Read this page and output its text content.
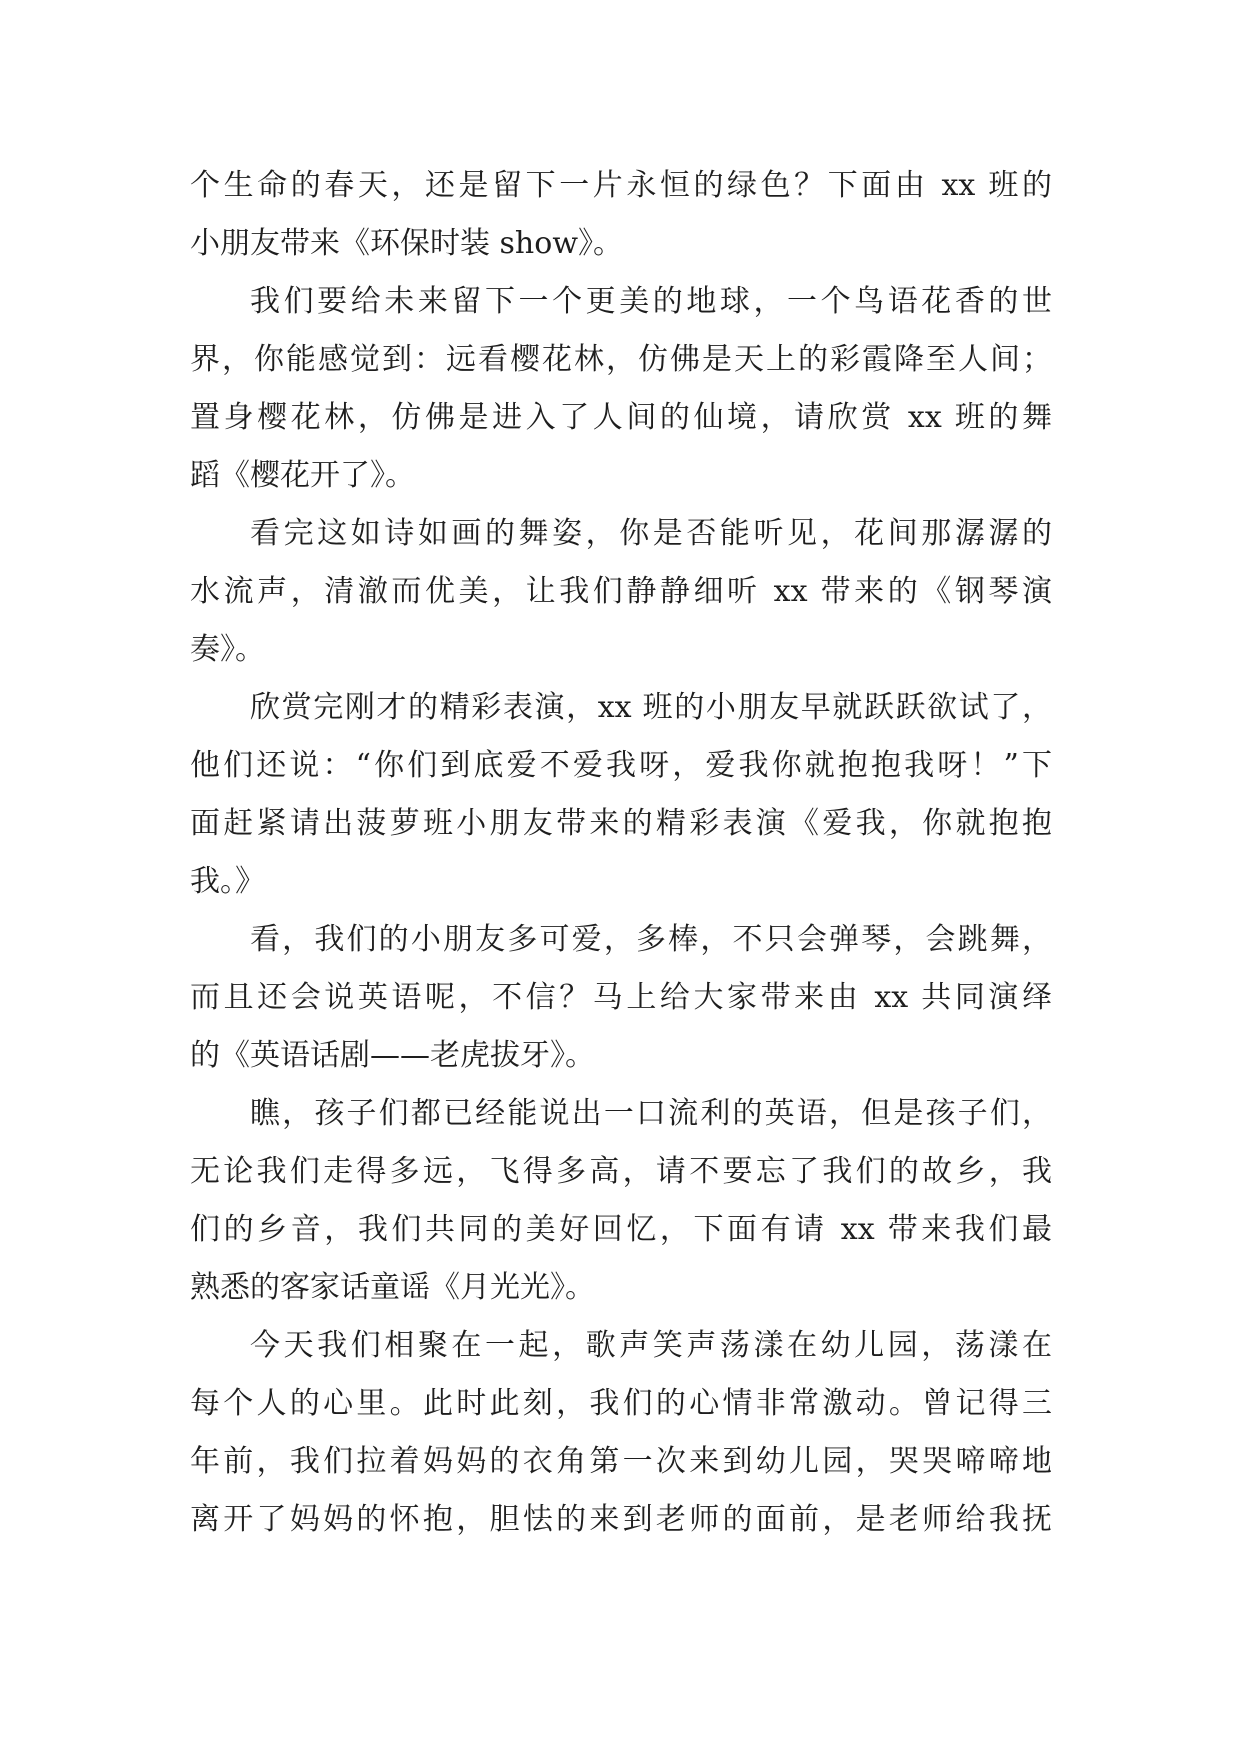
个生命的春天，还是留下一片永恒的绿色？下面由 xx 班的
小朋友带来《环保时装 show》。
我们要给未来留下一个更美的地球，一个鸟语花香的世
界，你能感觉到：远看樱花林，仿佛是天上的彩霞降至人间；
置身樱花林，仿佛是进入了人间的仙境，请欣赏 xx 班的舞
蹈《樱花开了》。
看完这如诗如画的舞姿，你是否能听见，花间那潺潺的
水流声，清澈而优美，让我们静静细听 xx 带来的《钢琴演
奏》。
欣赏完刚才的精彩表演，xx 班的小朋友早就跃跃欲试了，
他们还说：“你们到底爱不爱我呀，爱我你就抱抱我呀！”下
面赶紧请出菠萝班小朋友带来的精彩表演《爱我，你就抱抱
我。》
看，我们的小朋友多可爱，多棒，不只会弹琴，会跳舞，
而且还会说英语呢，不信？马上给大家带来由 xx 共同演绎
的《英语话剧——老虎拔牙》。
瞧，孩子们都已经能说出一口流利的英语，但是孩子们，
无论我们走得多远，飞得多高，请不要忘了我们的故乡，我
们的乡音，我们共同的美好回忆，下面有请 xx 带来我们最
熟悉的客家话童谣《月光光》。
今天我们相聚在一起，歌声笑声荡漾在幼儿园，荡漾在
每个人的心里。此时此刻，我们的心情非常激动。曾记得三
年前，我们拉着妈妈的衣角第一次来到幼儿园，哭哭啼啼地
离开了妈妈的怀抱，胆怯的来到老师的面前，是老师给我抚
